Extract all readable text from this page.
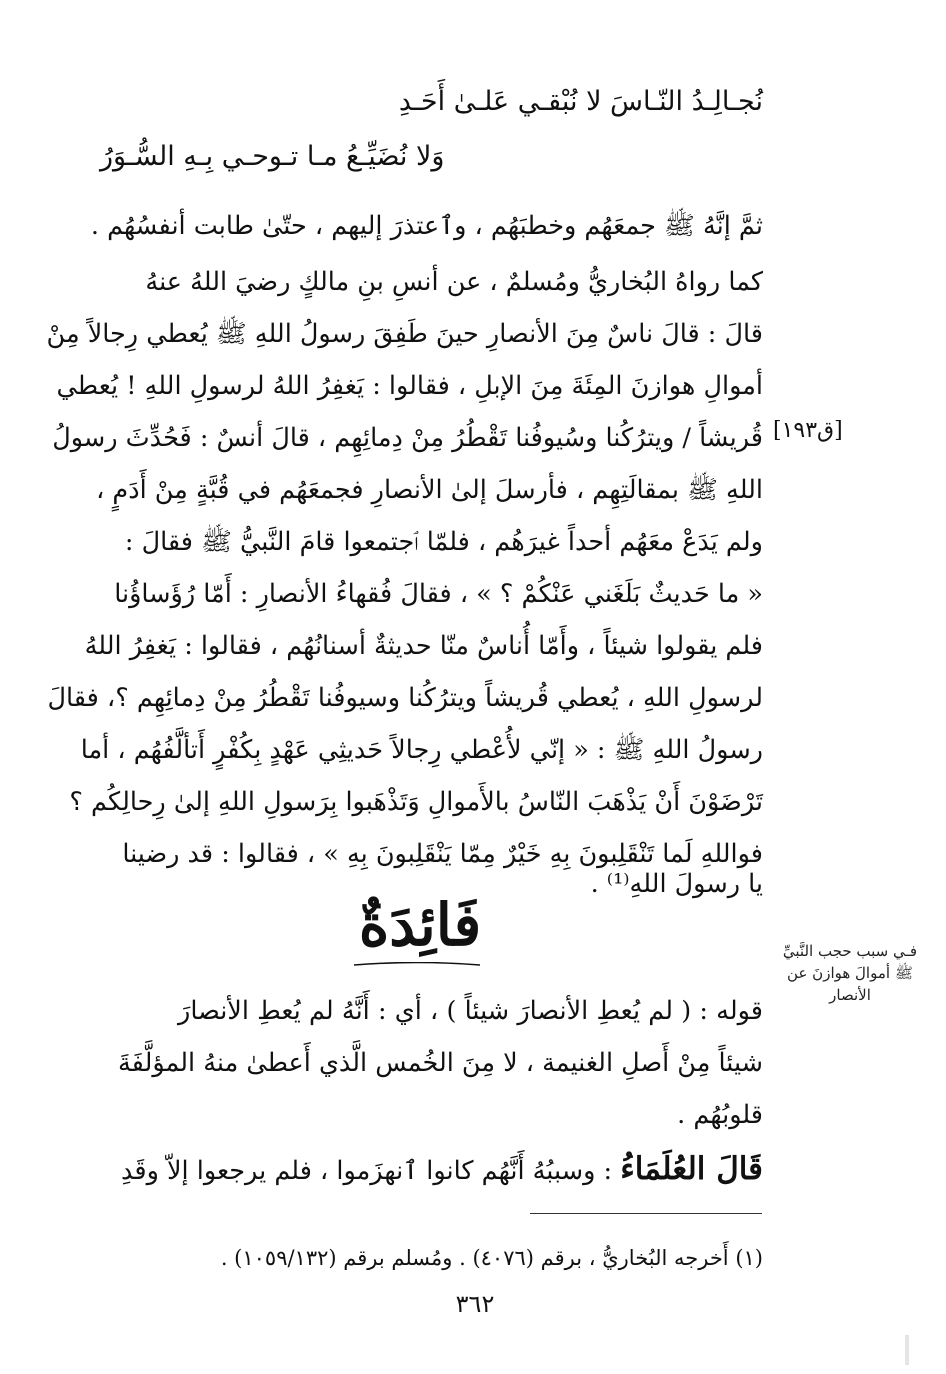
نُجـالِـدُ النّـاسَ لا نُبْقـي عَلـىٰ أَحَـدِ
وَلا نُضَيِّـعُ مـا تـوحـي بِـهِ السُّـوَرُ
ثمَّ إنَّهُ ﷺ جمعَهُم وخطبَهُم ، وٱعتذرَ إليهم ، حتّىٰ طابت أنفسُهُم .
كما رواهُ البُخاريُّ ومُسلمٌ ، عن أنسِ بنِ مالكٍ رضيَ اللهُ عنهُ
قالَ : قالَ ناسٌ مِنَ الأنصارِ حينَ طَفِقَ رسولُ اللهِ ﷺ يُعطي رِجالاً مِنْ
أموالِ هوازنَ المِئَةَ مِنَ الإبلِ ، فقالوا : يَغفِرُ اللهُ لرسولِ اللهِ ! يُعطي
قُريشاً / ويترُكُنا وسُيوفُنا تَقْطُرُ مِنْ دِمائِهِم ، قالَ أنسٌ : فَحُدِّثَ رسولُ
اللهِ ﷺ بمقالَتِهِم ، فأرسلَ إلىٰ الأنصارِ فجمعَهُم في قُبَّةٍ مِنْ أَدَمٍ ،
ولم يَدَعْ معَهُم أحداً غيرَهُم ، فلمّا ٱجتمعوا قامَ النَّبيُّ ﷺ فقالَ :
« ما حَديثٌ بَلَغَني عَنْكُمْ ؟ » ، فقالَ فُقهاءُ الأنصارِ : أَمّا رُؤَساؤُنا
فلم يقولوا شيئاً ، وأَمّا أُناسٌ منّا حديثةٌ أسنانُهُم ، فقالوا : يَغفِرُ اللهُ
لرسولِ اللهِ ، يُعطي قُريشاً ويترُكُنا وسيوفُنا تَقْطُرُ مِنْ دِمائِهِم ؟، فقالَ
رسولُ اللهِ ﷺ : « إنّي لأُعْطي رِجالاً حَديثِي عَهْدٍ بِكُفْرٍ أَتألَّفُهُم ، أما
تَرْضَوْنَ أَنْ يَذْهَبَ النّاسُ بالأَموالِ وَتَذْهَبوا بِرَسولِ اللهِ إلىٰ رِحالِكُم ؟
فواللهِ لَما تَنْقَلِبونَ بِهِ خَيْرٌ مِمّا يَنْقَلِبونَ بِهِ » ، فقالوا : قد رضينا
يا رسولَ اللهِ⁽¹⁾ .
[ق١٩٣]
فَائِدَةٌ	فـي سبب حجب النَّبيِّ ﷺ أموالَ هوازنَ عن الأنصار
قوله : ( لم يُعطِ الأنصارَ شيئاً ) ، أي : أَنَّهُ لم يُعطِ الأنصارَ
شيئاً مِنْ أَصلِ الغنيمة ، لا مِنَ الخُمس الَّذي أَعطىٰ منهُ المؤلَّفَةَ
قلوبُهُم .
قَالَ العُلَمَاءُ : وسببُهُ أَنَّهُم كانوا ٱنهزَموا ، فلم يرجعوا إلاّ وقَدِ
(١) أَخرجه البُخاريُّ ، برقم (٤٠٧٦) . ومُسلم برقم (١٠٥٩/١٣٢) .
٣٦٢
